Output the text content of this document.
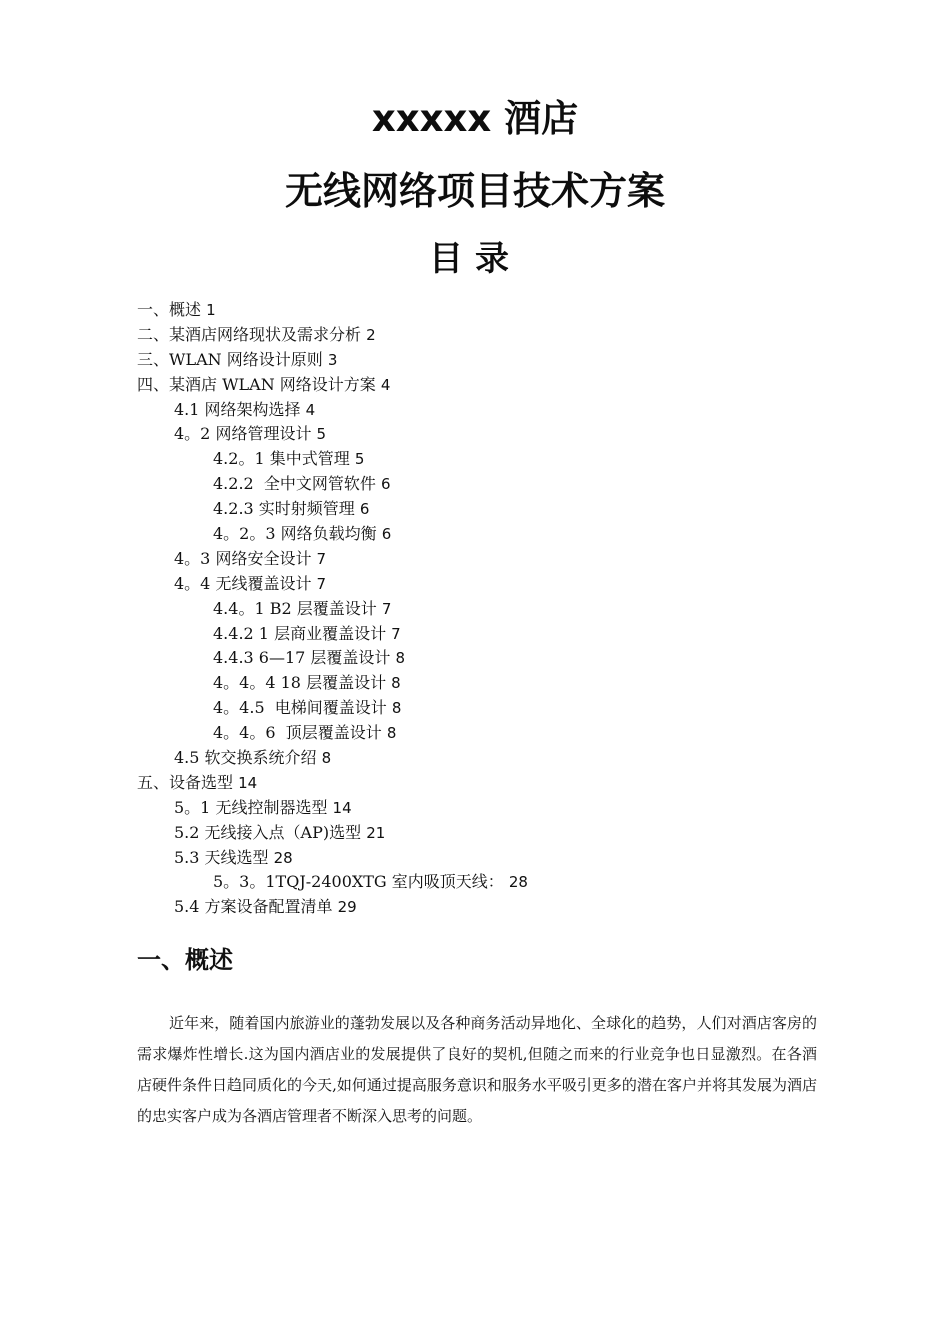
xxxxx 酒店
无线网络项目技术方案
目录
一、概述 1
二、某酒店网络现状及需求分析 2
三、WLAN 网络设计原则 3
四、某酒店 WLAN 网络设计方案 4
4.1 网络架构选择 4
4。2 网络管理设计 5
4.2。1 集中式管理 5
4.2.2  全中文网管软件 6
4.2.3 实时射频管理 6
4。2。3 网络负载均衡 6
4。3 网络安全设计 7
4。4 无线覆盖设计 7
4.4。1 B2 层覆盖设计 7
4.4.2 1 层商业覆盖设计 7
4.4.3 6—17 层覆盖设计 8
4。4。4 18 层覆盖设计 8
4。4.5  电梯间覆盖设计 8
4。4。6  顶层覆盖设计 8
4.5 软交换系统介绍 8
五、设备选型 14
5。1 无线控制器选型 14
5.2 无线接入点（AP)选型 21
5.3 天线选型 28
5。3。1TQJ-2400XTG 室内吸顶天线： 28
5.4 方案设备配置清单 29
一、概述

近年来，随着国内旅游业的蓬勃发展以及各种商务活动异地化、全球化的趋势，人们对酒店客房的需求爆炸性增长.这为国内酒店业的发展提供了良好的契机,但随之而来的行业竞争也日显激烈。在各酒店硬件条件日趋同质化的今天,如何通过提高服务意识和服务水平吸引更多的潜在客户并将其发展为酒店的忠实客户成为各酒店管理者不断深入思考的问题。
